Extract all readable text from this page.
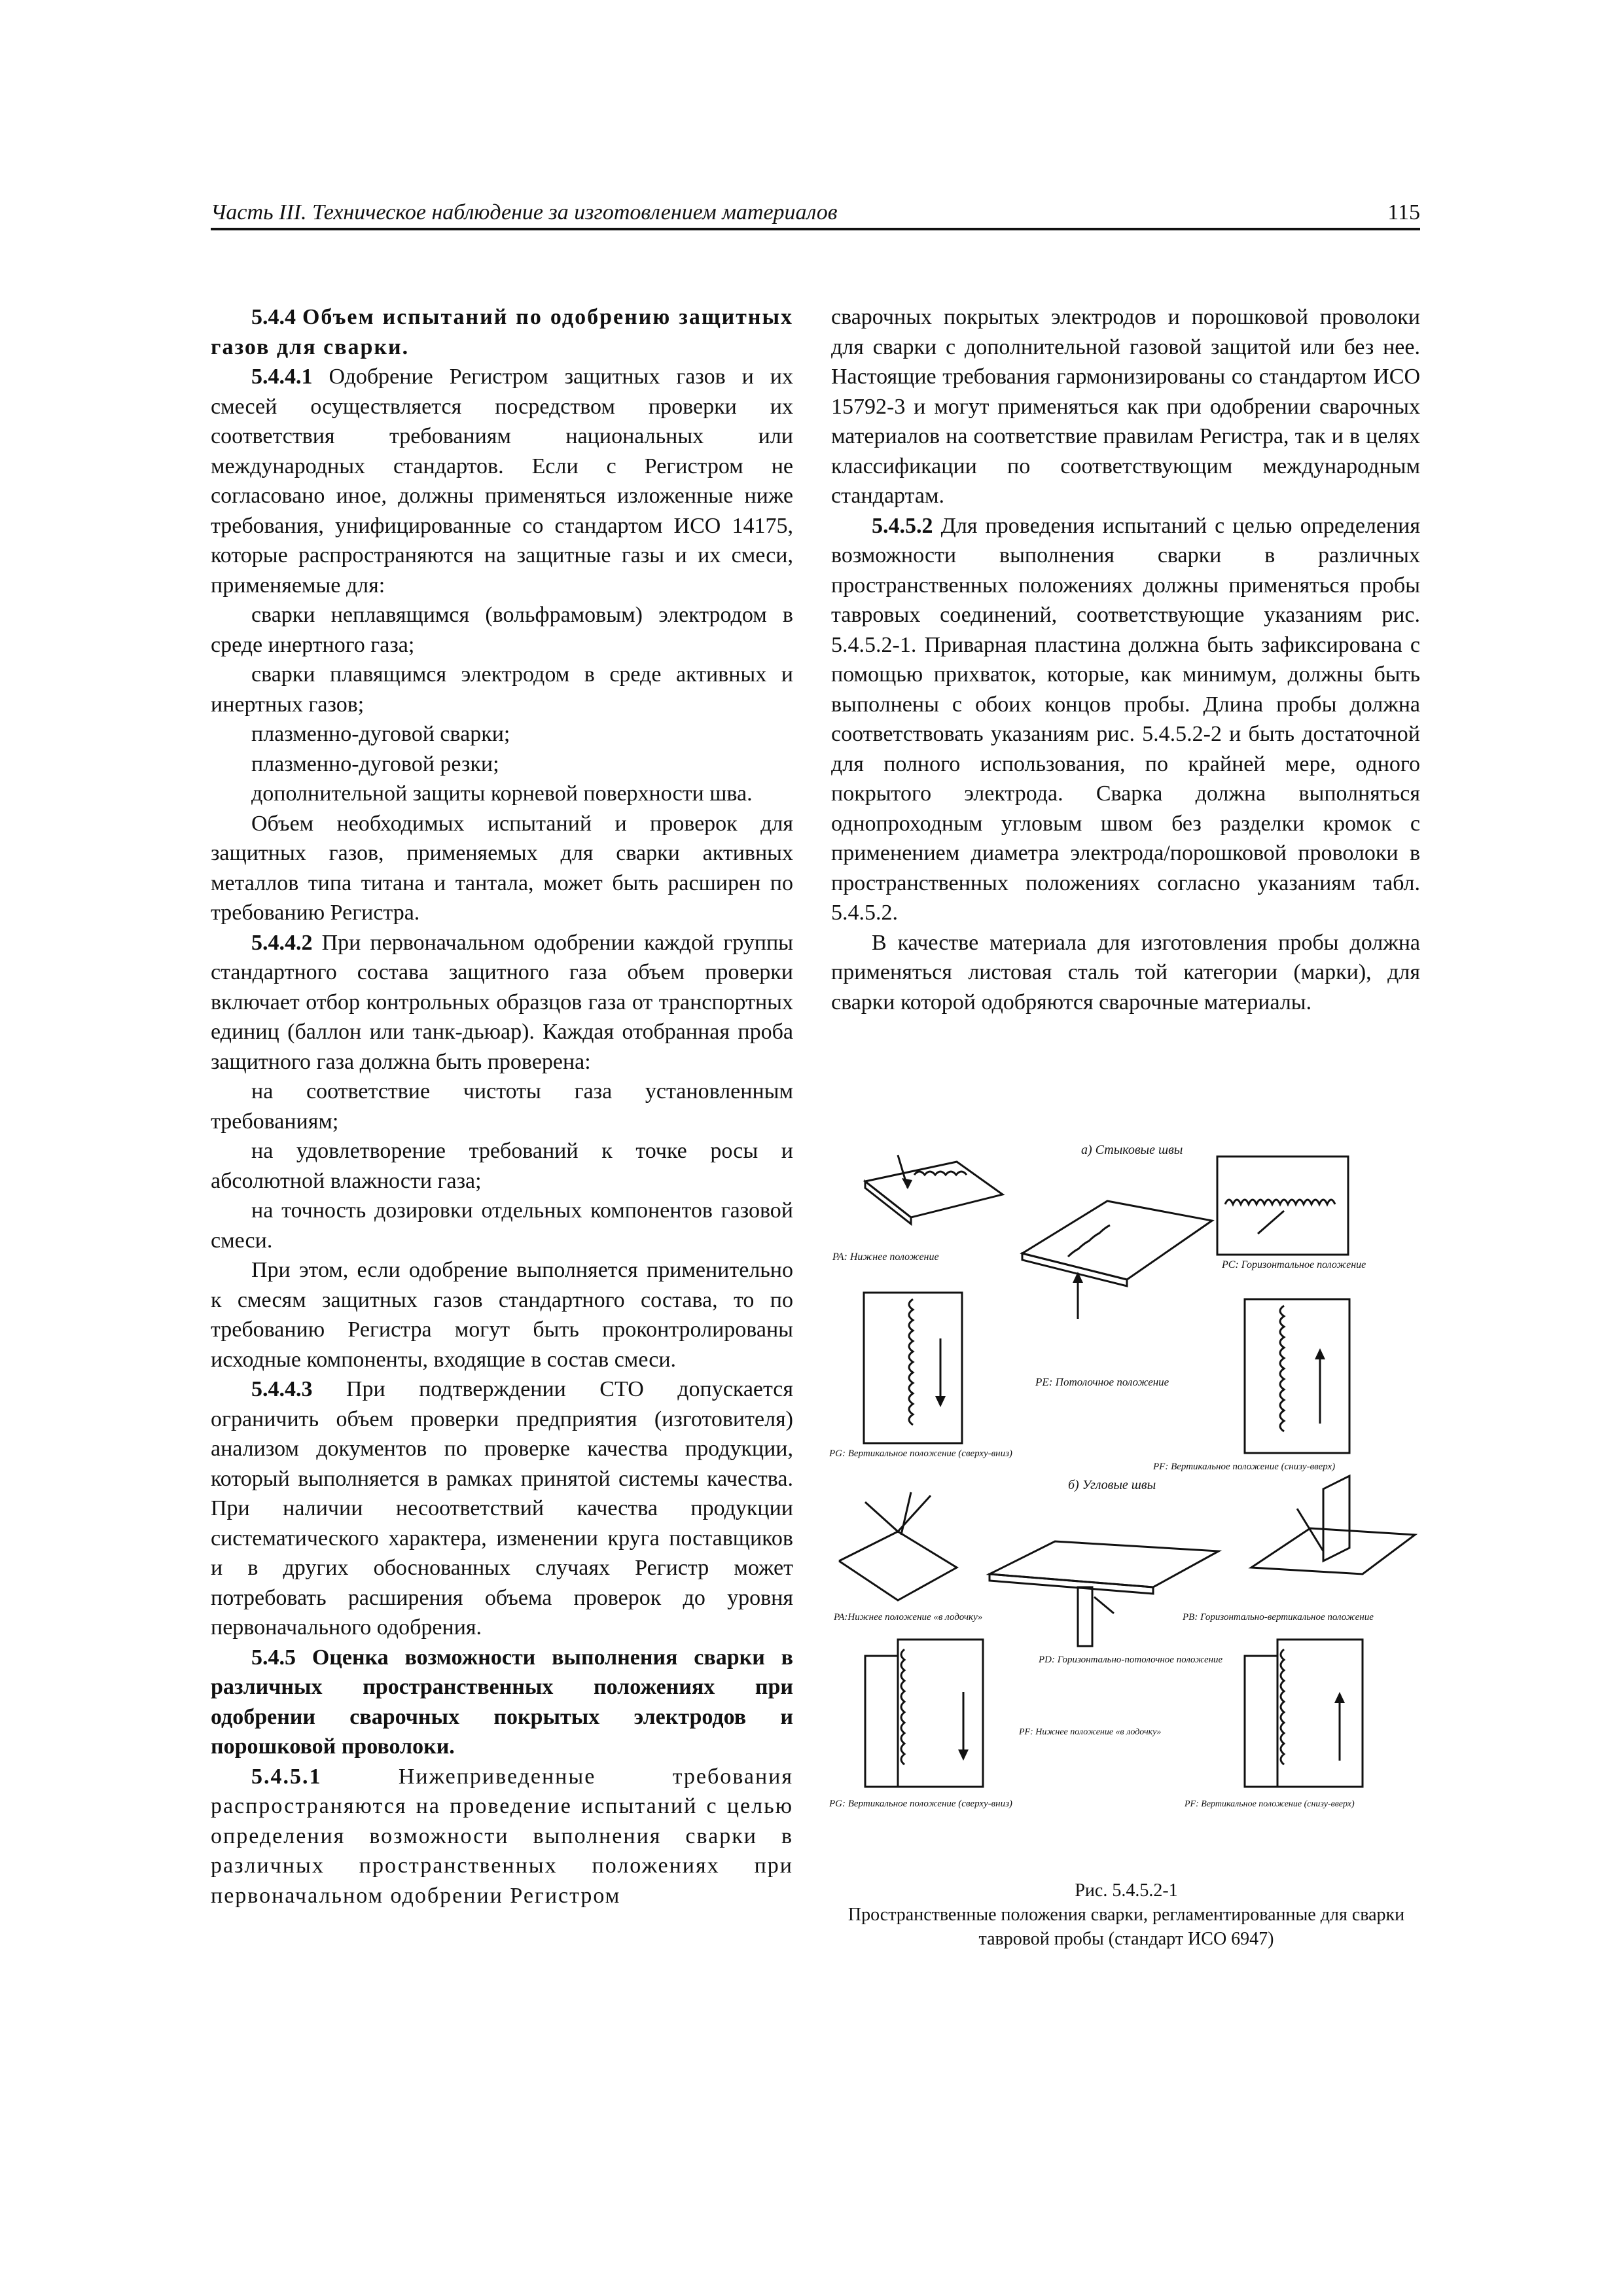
Часть III. Техническое наблюдение за изготовлением материалов	115

5.4.4 Объем испытаний по одобрению защитных газов для сварки.

5.4.4.1 Одобрение Регистром защитных газов и их смесей осуществляется посредством проверки их соответствия требованиям национальных или международных стандартов. Если с Регистром не согласовано иное, должны применяться изложенные ниже требования, унифицированные со стандартом ИСО 14175, которые распространяются на защитные газы и их смеси, применяемые для:

сварки неплавящимся (вольфрамовым) электродом в среде инертного газа;

сварки плавящимся электродом в среде активных и инертных газов;

плазменно-дуговой сварки;

плазменно-дуговой резки;

дополнительной защиты корневой поверхности шва.

Объем необходимых испытаний и проверок для защитных газов, применяемых для сварки активных металлов типа титана и тантала, может быть расширен по требованию Регистра.

5.4.4.2 При первоначальном одобрении каждой группы стандартного состава защитного газа объем проверки включает отбор контрольных образцов газа от транспортных единиц (баллон или танк-дьюар). Каждая отобранная проба защитного газа должна быть проверена:

на соответствие чистоты газа установленным требованиям;

на удовлетворение требований к точке росы и абсолютной влажности газа;

на точность дозировки отдельных компонентов газовой смеси.

При этом, если одобрение выполняется применительно к смесям защитных газов стандартного состава, то по требованию Регистра могут быть проконтролированы исходные компоненты, входящие в состав смеси.

5.4.4.3 При подтверждении СТО допускается ограничить объем проверки предприятия (изготовителя) анализом документов по проверке качества продукции, который выполняется в рамках принятой системы качества. При наличии несоответствий качества продукции систематического характера, изменении круга поставщиков и в других обоснованных случаях Регистр может потребовать расширения объема проверок до уровня первоначального одобрения.

5.4.5 Оценка возможности выполнения сварки в различных пространственных положениях при одобрении сварочных покрытых электродов и порошковой проволоки.

5.4.5.1	Нижеприведенные требования распространяются на проведение испытаний с целью определения возможности выполнения сварки в различных пространственных положениях при первоначальном одобрении Регистром

сварочных покрытых электродов и порошковой проволоки для сварки с дополнительной газовой защитой или без нее. Настоящие требования гармонизированы со стандартом ИСО 15792-3 и могут применяться как при одобрении сварочных материалов на соответствие правилам Регистра, так и в целях классификации по соответствующим международным стандартам.

5.4.5.2 Для проведения испытаний с целью определения возможности выполнения сварки в различных пространственных положениях должны применяться пробы тавровых соединений, соответствующие указаниям рис. 5.4.5.2-1. Приварная пластина должна быть зафиксирована с помощью прихваток, которые, как минимум, должны быть выполнены с обоих концов пробы. Длина пробы должна соответствовать указаниям рис. 5.4.5.2-2 и быть достаточной для полного использования, по крайней мере, одного покрытого электрода. Сварка должна выполняться однопроходным угловым швом без разделки кромок с применением диаметра электрода/порошковой проволоки в пространственных положениях согласно указаниям табл. 5.4.5.2.

В качестве материала для изготовления пробы должна применяться листовая сталь той категории (марки), для сварки которой одобряются сварочные материалы.

а) Стыковые швы
PA: Нижнее положение
PC: Горизонтальное положение
PE: Потолочное положение
PG: Вертикальное положение (сверху-вниз)
PF: Вертикальное положение (снизу-вверх)
б) Угловые швы
PA:Нижнее положение «в лодочку»	PB: Горизонтально-вертикальное положение
PD: Горизонтально-потолочное положение
PF: Нижнее положение «в лодочку»
PG: Вертикальное положение (сверху-вниз)	PF: Вертикальное положение (снизу-вверх)
Рис. 5.4.5.2-1
Пространственные положения сварки, регламентированные для сварки тавровой пробы (стандарт ИСО 6947)
